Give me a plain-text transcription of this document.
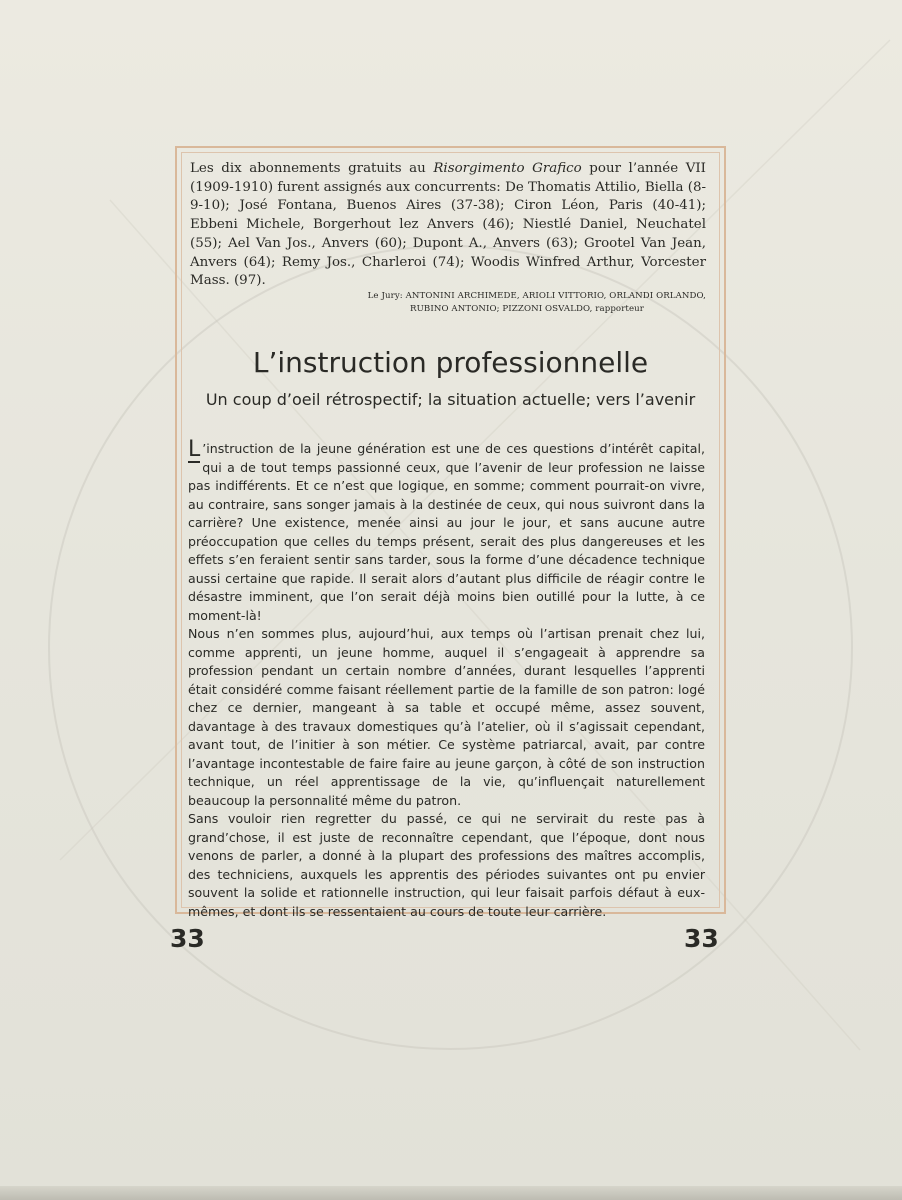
Les dix abonnements gratuits au Risorgimento Grafico pour l’année VII (1909-1910) furent assignés aux concurrents: De Thomatis Attilio, Biella (8-9-10); José Fontana, Buenos Aires (37-38); Ciron Léon, Paris (40-41); Ebbeni Michele, Borgerhout lez Anvers (46); Niestlé Daniel, Neuchatel (55); Ael Van Jos., Anvers (60); Dupont A., Anvers (63); Grootel Van Jean, Anvers (64); Remy Jos., Charleroi (74); Woodis Winfred Arthur, Vorcester Mass. (97).
Le Jury: ANTONINI ARCHIMEDE, ARIOLI VITTORIO, ORLANDI ORLANDO,
RUBINO ANTONIO; PIZZONI OSVALDO, rapporteur
L’instruction professionnelle
Un coup d’oeil rétrospectif; la situation actuelle; vers l’avenir

L ’instruction de la jeune génération est une de ces questions d’intérêt capital, qui a de tout temps passionné ceux, que l’avenir de leur profession ne laisse pas indifférents. Et ce n’est que logique, en somme; comment pourrait-on vivre, au contraire, sans songer jamais à la destinée de ceux, qui nous suivront dans la carrière? Une existence, menée ainsi au jour le jour, et sans aucune autre préoccupation que celles du temps présent, serait des plus dangereuses et les effets s’en feraient sentir sans tarder, sous la forme d’une décadence technique aussi certaine que rapide. Il serait alors d’autant plus difficile de réagir contre le désastre imminent, que l’on serait déjà moins bien outillé pour la lutte, à ce moment-là!

Nous n’en sommes plus, aujourd’hui, aux temps où l’artisan prenait chez lui, comme apprenti, un jeune homme, auquel il s’engageait à apprendre sa profession pendant un certain nombre d’années, durant lesquelles l’apprenti était considéré comme faisant réellement partie de la famille de son patron: logé chez ce dernier, mangeant à sa table et occupé même, assez souvent, davantage à des travaux domestiques qu’à l’atelier, où il s’agissait cependant, avant tout, de l’initier à son métier. Ce système patriarcal, avait, par contre l’avantage incontestable de faire faire au jeune garçon, à côté de son instruction technique, un réel apprentissage de la vie, qu’influençait naturellement beaucoup la personnalité même du patron.

Sans vouloir rien regretter du passé, ce qui ne servirait du reste pas à grand’chose, il est juste de reconnaître cependant, que l’époque, dont nous venons de parler, a donné à la plupart des professions des maîtres accomplis, des techniciens, auxquels les apprentis des périodes suivantes ont pu envier souvent la solide et rationnelle instruction, qui leur faisait parfois défaut à eux-mêmes, et dont ils se ressentaient au cours de toute leur carrière.

33	33
